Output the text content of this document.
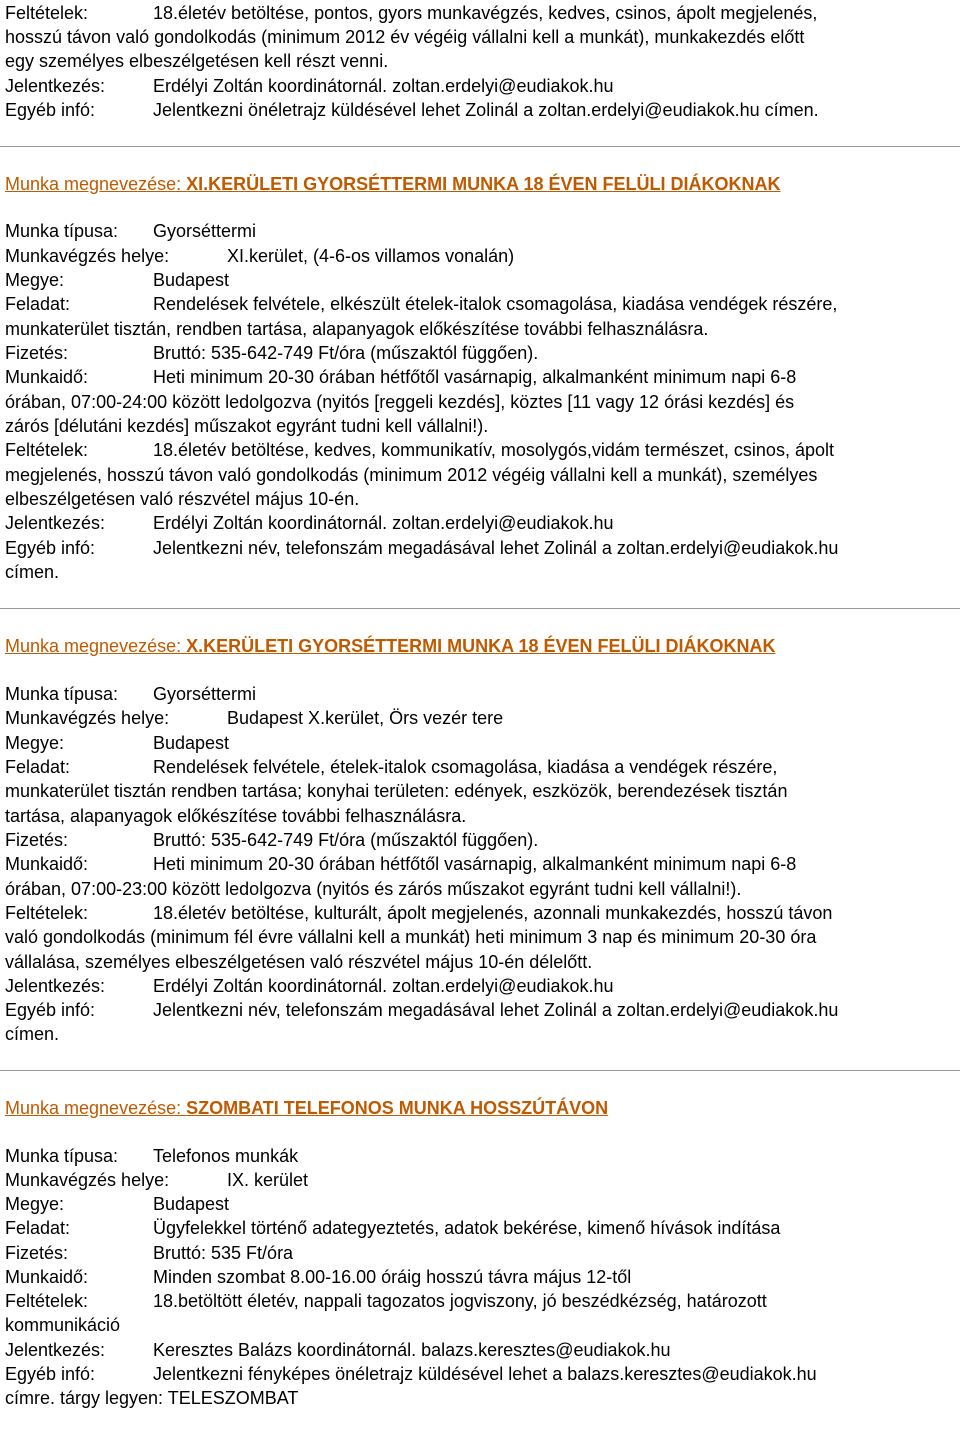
Feltételek:	18.életév betöltése, pontos, gyors munkavégzés, kedves, csinos, ápolt megjelenés,
hosszú távon való gondolkodás (minimum 2012 év végéig vállalni kell a munkát), munkakezdés előtt
egy személyes elbeszélgetésen kell részt venni.
Jelentkezés:	Erdélyi Zoltán koordinátornál. zoltan.erdelyi@eudiakok.hu
Egyéb infó:	Jelentkezni önéletrajz küldésével lehet Zolinál a zoltan.erdelyi@eudiakok.hu címen.
Munka megnevezése: XI.KERÜLETI GYORSÉTTERMI MUNKA 18 ÉVEN FELÜLI DIÁKOKNAK
Munka típusa: Gyorséttermi
Munkavégzés helye:	XI.kerület, (4-6-os villamos vonalán)
Megye:	Budapest
Feladat:	Rendelések felvétele, elkészült ételek-italok csomagolása, kiadása vendégek részére,
munkaterület tisztán, rendben tartása, alapanyagok előkészítése további felhasználásra.
Fizetés:	Bruttó: 535-642-749 Ft/óra (műszaktól függően).
Munkaidő:	Heti minimum 20-30 órában hétfőtől vasárnapig, alkalmanként minimum napi 6-8
órában, 07:00-24:00 között ledolgozva (nyitós [reggeli kezdés], köztes [11 vagy 12 órási kezdés] és
zárós [délutáni kezdés] műszakot egyránt tudni kell vállalni!).
Feltételek:	18.életév betöltése, kedves, kommunikatív, mosolygós,vidám természet, csinos, ápolt
megjelenés, hosszú távon való gondolkodás (minimum 2012 végéig vállalni kell a munkát), személyes
elbeszélgetésen való részvétel május 10-én.
Jelentkezés:	Erdélyi Zoltán koordinátornál. zoltan.erdelyi@eudiakok.hu
Egyéb infó:	Jelentkezni név, telefonszám megadásával lehet Zolinál a zoltan.erdelyi@eudiakok.hu
címen.
Munka megnevezése: X.KERÜLETI GYORSÉTTERMI MUNKA 18 ÉVEN FELÜLI DIÁKOKNAK
Munka típusa: Gyorséttermi
Munkavégzés helye:	Budapest X.kerület, Örs vezér tere
Megye:	Budapest
Feladat:	Rendelések felvétele, ételek-italok csomagolása, kiadása a vendégek részére,
munkaterület tisztán rendben tartása; konyhai területen: edények, eszközök, berendezések tisztán
tartása, alapanyagok előkészítése további felhasználásra.
Fizetés:	Bruttó: 535-642-749 Ft/óra (műszaktól függően).
Munkaidő:	Heti minimum 20-30 órában hétfőtől vasárnapig, alkalmanként minimum napi 6-8
órában, 07:00-23:00 között ledolgozva (nyitós és zárós műszakot egyránt tudni kell vállalni!).
Feltételek:	18.életév betöltése, kulturált, ápolt megjelenés, azonnali munkakezdés, hosszú távon
való gondolkodás (minimum fél évre vállalni kell a munkát) heti minimum 3 nap és minimum 20-30 óra
vállalása, személyes elbeszélgetésen való részvétel május 10-én délelőtt.
Jelentkezés:	Erdélyi Zoltán koordinátornál. zoltan.erdelyi@eudiakok.hu
Egyéb infó:	Jelentkezni név, telefonszám megadásával lehet Zolinál a zoltan.erdelyi@eudiakok.hu
címen.
Munka megnevezése: SZOMBATI TELEFONOS MUNKA HOSSZÚTÁVON
Munka típusa: Telefonos munkák
Munkavégzés helye:	IX. kerület
Megye:	Budapest
Feladat:	Ügyfelekkel történő adategyeztetés, adatok bekérése, kimenő hívások indítása
Fizetés:	Bruttó: 535 Ft/óra
Munkaidő:	Minden szombat 8.00-16.00 óráig hosszú távra május 12-től
Feltételek:	18.betöltött életév, nappali tagozatos jogviszony, jó beszédkézség, határozott
kommunikáció
Jelentkezés:	Keresztes Balázs koordinátornál. balazs.keresztes@eudiakok.hu
Egyéb infó:	Jelentkezni fényképes önéletrajz küldésével lehet a balazs.keresztes@eudiakok.hu
címre. tárgy legyen: TELESZOMBAT
